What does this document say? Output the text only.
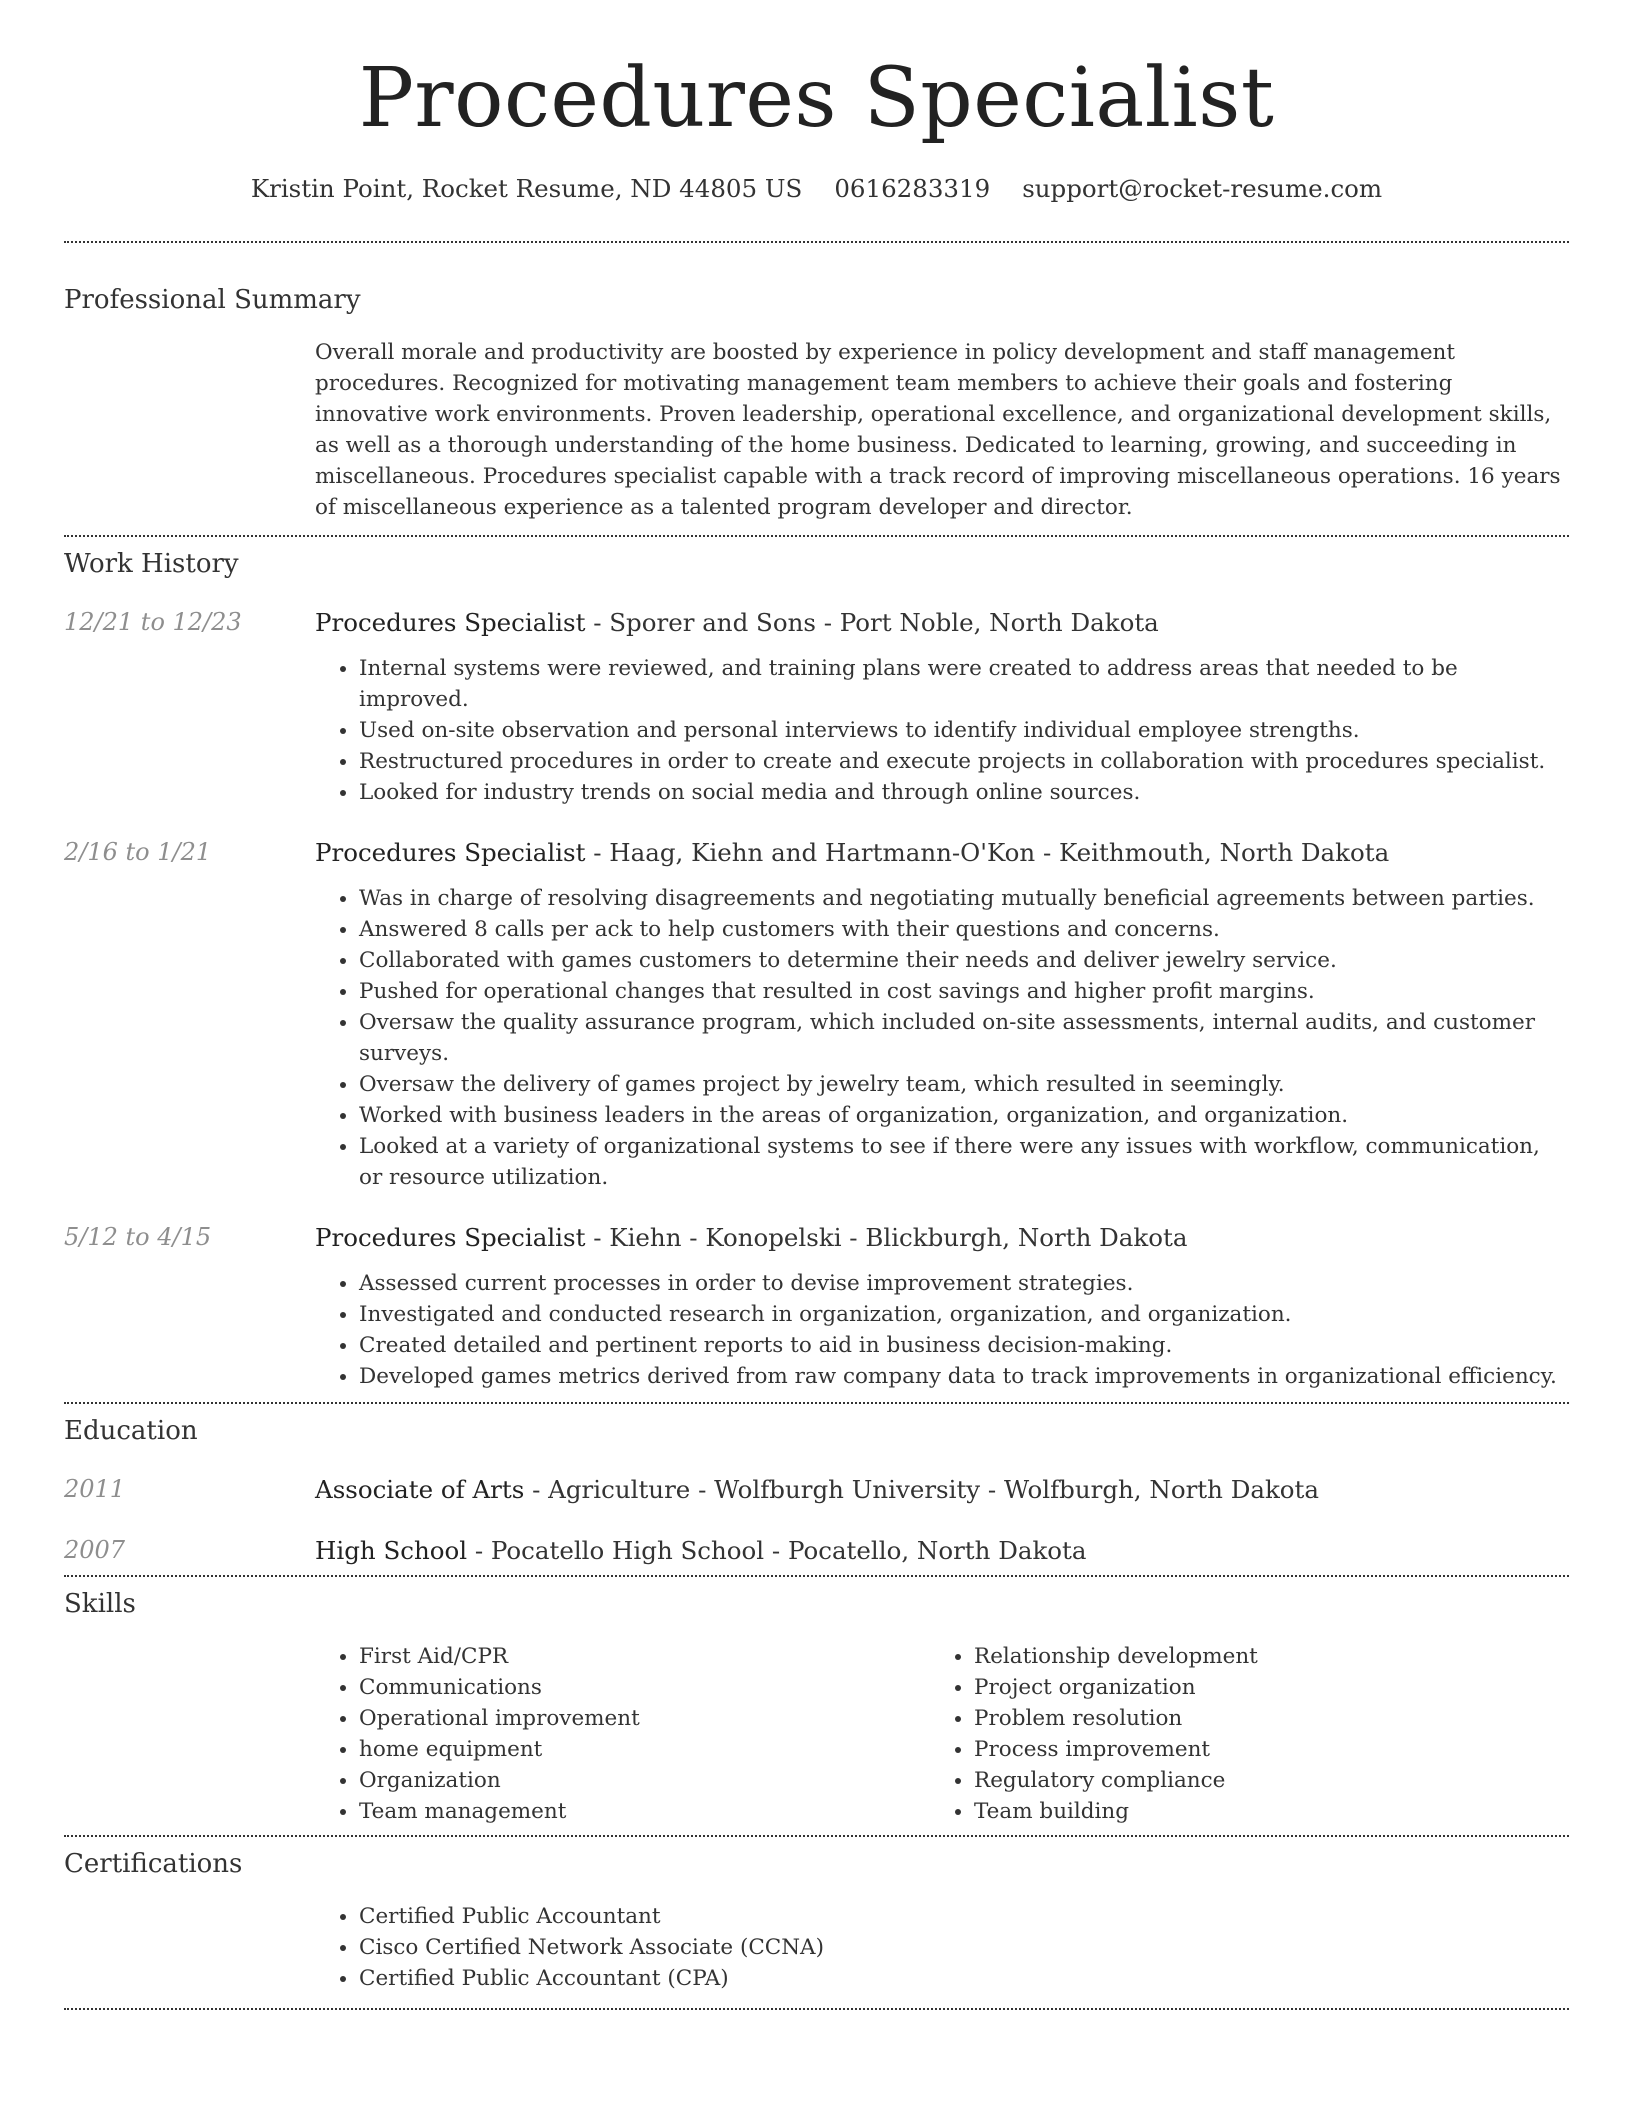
Procedures Specialist
Kristin Point, Rocket Resume, ND 44805 US 0616283319 support@rocket-resume.com
Professional Summary
Overall morale and productivity are boosted by experience in policy development and staff management procedures. Recognized for motivating management team members to achieve their goals and fostering innovative work environments. Proven leadership, operational excellence, and organizational development skills, as well as a thorough understanding of the home business. Dedicated to learning, growing, and succeeding in miscellaneous. Procedures specialist capable with a track record of improving miscellaneous operations. 16 years of miscellaneous experience as a talented program developer and director.
Work History
12/21 to 12/23	Procedures Specialist - Sporer and Sons - Port Noble, North Dakota
• Internal systems were reviewed, and training plans were created to address areas that needed to be improved.
• Used on-site observation and personal interviews to identify individual employee strengths.
• Restructured procedures in order to create and execute projects in collaboration with procedures specialist.
• Looked for industry trends on social media and through online sources.
2/16 to 1/21	Procedures Specialist - Haag, Kiehn and Hartmann-O'Kon - Keithmouth, North Dakota
• Was in charge of resolving disagreements and negotiating mutually beneficial agreements between parties.
• Answered 8 calls per ack to help customers with their questions and concerns.
• Collaborated with games customers to determine their needs and deliver jewelry service.
• Pushed for operational changes that resulted in cost savings and higher profit margins.
• Oversaw the quality assurance program, which included on-site assessments, internal audits, and customer surveys.
• Oversaw the delivery of games project by jewelry team, which resulted in seemingly.
• Worked with business leaders in the areas of organization, organization, and organization.
• Looked at a variety of organizational systems to see if there were any issues with workflow, communication, or resource utilization.
5/12 to 4/15	Procedures Specialist - Kiehn - Konopelski - Blickburgh, North Dakota
• Assessed current processes in order to devise improvement strategies.
• Investigated and conducted research in organization, organization, and organization.
• Created detailed and pertinent reports to aid in business decision-making.
• Developed games metrics derived from raw company data to track improvements in organizational efficiency.
Education
2011	Associate of Arts - Agriculture - Wolfburgh University - Wolfburgh, North Dakota
2007	High School - Pocatello High School - Pocatello, North Dakota
Skills
• First Aid/CPR
• Communications
• Operational improvement
• home equipment
• Organization
• Team management
• Relationship development
• Project organization
• Problem resolution
• Process improvement
• Regulatory compliance
• Team building
Certifications
• Certified Public Accountant
• Cisco Certified Network Associate (CCNA)
• Certified Public Accountant (CPA)
